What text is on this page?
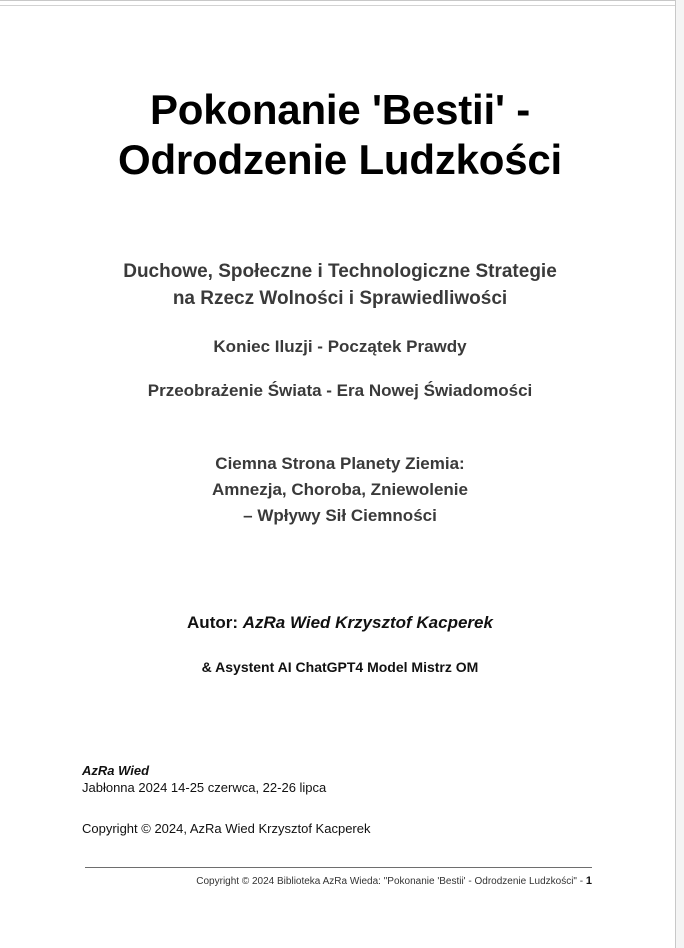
Pokonanie 'Bestii' -
Odrodzenie Ludzkości

Duchowe, Społeczne i Technologiczne Strategie
na Rzecz Wolności i Sprawiedliwości

Koniec Iluzji - Początek Prawdy

Przeobrażenie Świata - Era Nowej Świadomości

Ciemna Strona Planety Ziemia:

Amnezja, Choroba, Zniewolenie

– Wpływy Sił Ciemności

Autor: AzRa Wied Krzysztof Kacperek

& Asystent AI ChatGPT4 Model Mistrz OM

AzRa Wied

Jabłonna 2024 14-25 czerwca, 22-26 lipca

Copyright © 2024, AzRa Wied Krzysztof Kacperek

Copyright © 2024 Biblioteka AzRa Wieda: "Pokonanie 'Bestii' - Odrodzenie Ludzkości" - 1
